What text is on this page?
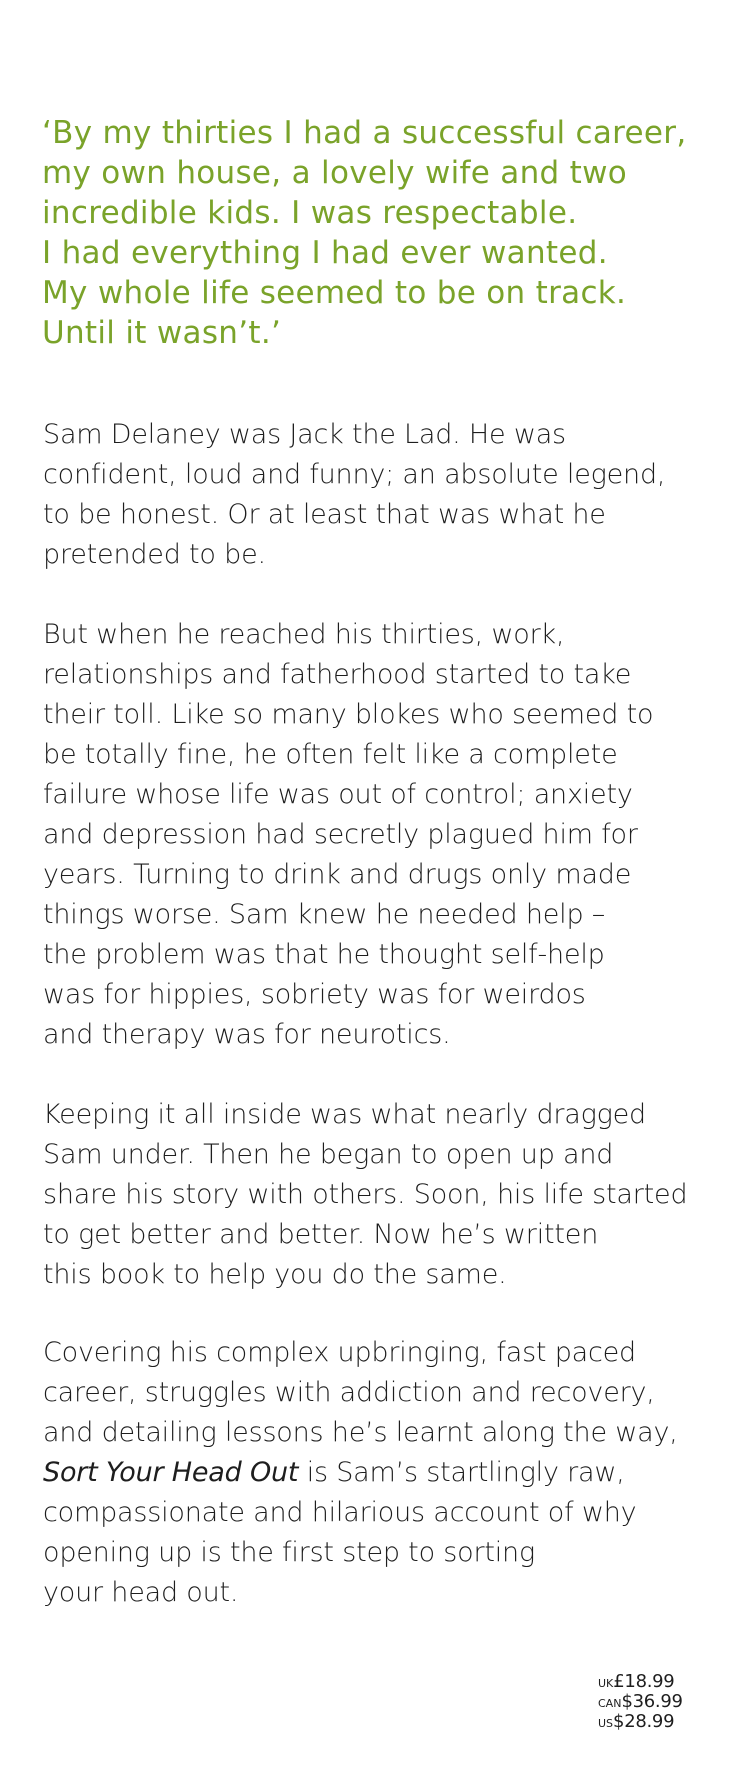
‘By my thirties I had a successful career,
my own house, a lovely wife and two
incredible kids. I was respectable.
I had everything I had ever wanted.
My whole life seemed to be on track.
Until it wasn’t.’
Sam Delaney was Jack the Lad. He was
confident, loud and funny; an absolute legend,
to be honest. Or at least that was what he
pretended to be.
But when he reached his thirties, work,
relationships and fatherhood started to take
their toll. Like so many blokes who seemed to
be totally fine, he often felt like a complete
failure whose life was out of control; anxiety
and depression had secretly plagued him for
years. Turning to drink and drugs only made
things worse. Sam knew he needed help –
the problem was that he thought self-help
was for hippies, sobriety was for weirdos
and therapy was for neurotics.
Keeping it all inside was what nearly dragged
Sam under. Then he began to open up and
share his story with others. Soon, his life started
to get better and better. Now he’s written
this book to help you do the same.
Covering his complex upbringing, fast paced
career, struggles with addiction and recovery,
and detailing lessons he’s learnt along the way,
Sort Your Head Out is Sam’s startlingly raw,
compassionate and hilarious account of why
opening up is the first step to sorting
your head out.
UK£18.99
CAN$36.99
US$28.99
